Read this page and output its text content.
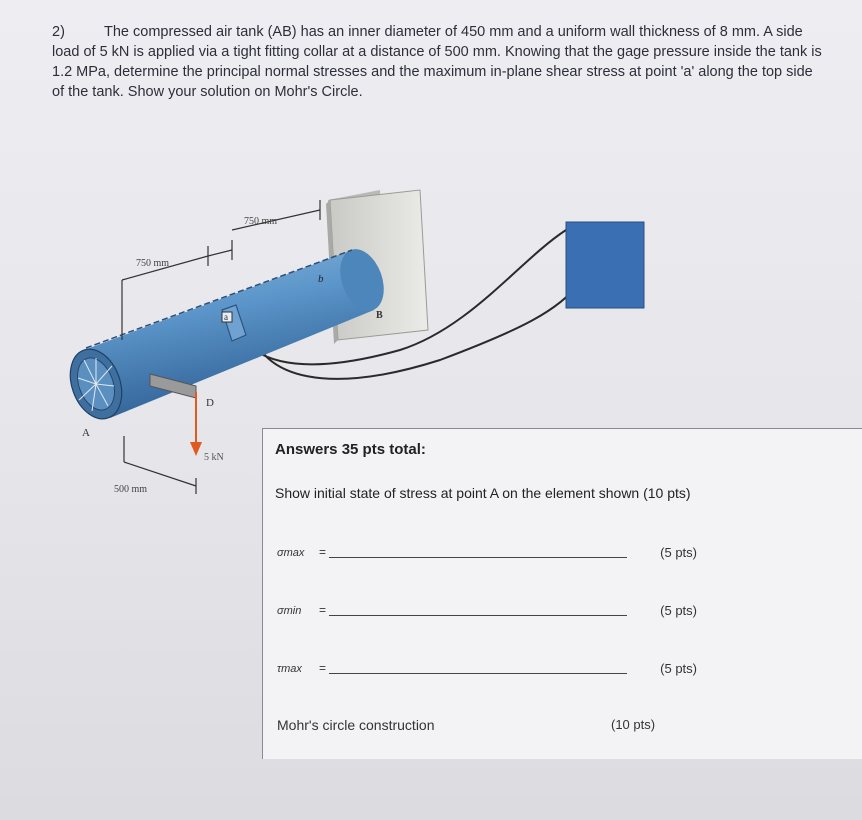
2)	The compressed air tank (AB) has an inner diameter of 450 mm and a uniform wall thickness of 8 mm. A side load of 5 kN is applied via a tight fitting collar at a distance of 500 mm. Knowing that the gage pressure inside the tank is 1.2 MPa, determine the principal normal stresses and the maximum in-plane shear stress at point 'a' along the top side of the tank. Show your solution on Mohr's Circle.
750 mm
750 mm
500 mm
a
b
A
B
D
5 kN	Answers 35 pts total:
Show initial state of stress at point A on the element shown (10 pts)
σmax =	(5 pts)
σmin =	(5 pts)
τmax =	(5 pts)
Mohr's circle construction	(10 pts)
